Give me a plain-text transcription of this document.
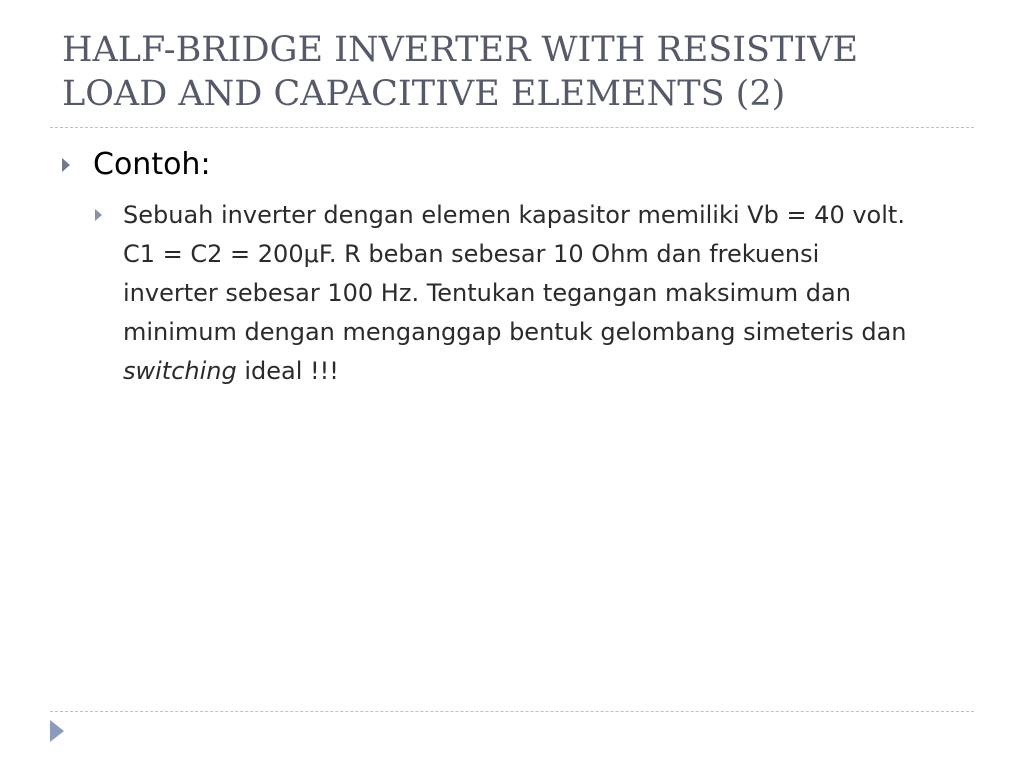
HALF-BRIDGE INVERTER WITH RESISTIVE
LOAD AND CAPACITIVE ELEMENTS (2)
Contoh:
Sebuah inverter dengan elemen kapasitor memiliki Vb = 40 volt.
C1 = C2 = 200μF. R beban sebesar 10 Ohm dan frekuensi
inverter sebesar 100 Hz. Tentukan tegangan maksimum dan
minimum dengan menganggap bentuk gelombang simeteris dan
switching ideal !!!
